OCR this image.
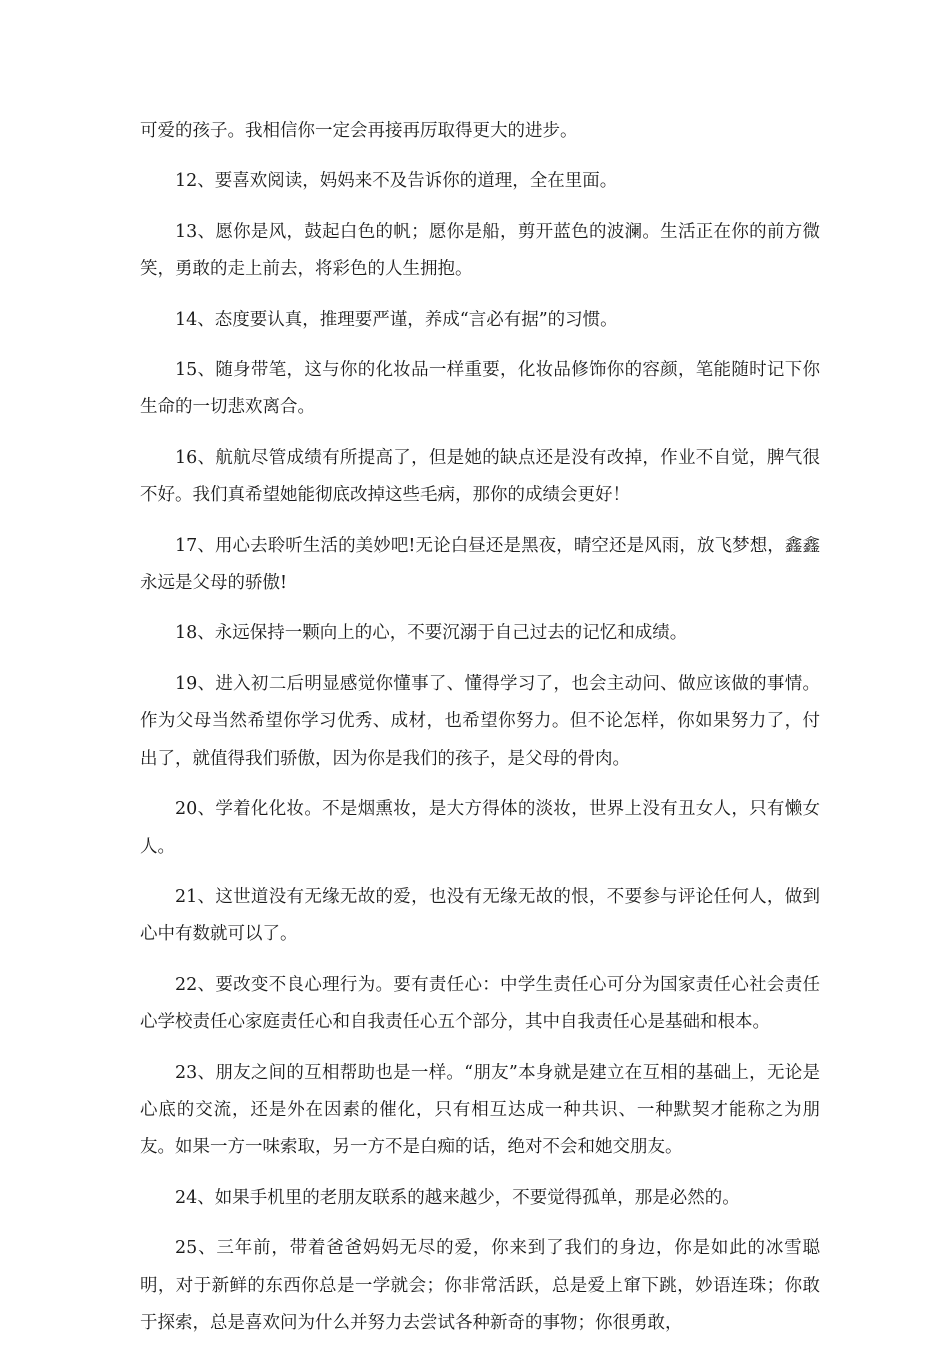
可爱的孩子。我相信你一定会再接再厉取得更大的进步。

12、要喜欢阅读，妈妈来不及告诉你的道理，全在里面。

13、愿你是风，鼓起白色的帆；愿你是船，剪开蓝色的波澜。生活正在你的前方微笑，勇敢的走上前去，将彩色的人生拥抱。

14、态度要认真，推理要严谨，养成“言必有据”的习惯。

15、随身带笔，这与你的化妆品一样重要，化妆品修饰你的容颜，笔能随时记下你生命的一切悲欢离合。

16、航航尽管成绩有所提高了，但是她的缺点还是没有改掉，作业不自觉，脾气很不好。我们真希望她能彻底改掉这些毛病，那你的成绩会更好！

17、用心去聆听生活的美妙吧!无论白昼还是黑夜，晴空还是风雨，放飞梦想，鑫鑫永远是父母的骄傲!

18、永远保持一颗向上的心，不要沉溺于自己过去的记忆和成绩。

19、进入初二后明显感觉你懂事了、懂得学习了，也会主动问、做应该做的事情。作为父母当然希望你学习优秀、成材，也希望你努力。但不论怎样，你如果努力了，付出了，就值得我们骄傲，因为你是我们的孩子，是父母的骨肉。

20、学着化化妆。不是烟熏妆，是大方得体的淡妆，世界上没有丑女人，只有懒女人。

21、这世道没有无缘无故的爱，也没有无缘无故的恨，不要参与评论任何人，做到心中有数就可以了。

22、要改变不良心理行为。要有责任心：中学生责任心可分为国家责任心社会责任心学校责任心家庭责任心和自我责任心五个部分，其中自我责任心是基础和根本。

23、朋友之间的互相帮助也是一样。“朋友”本身就是建立在互相的基础上，无论是心底的交流，还是外在因素的催化，只有相互达成一种共识、一种默契才能称之为朋友。如果一方一味索取，另一方不是白痴的话，绝对不会和她交朋友。

24、如果手机里的老朋友联系的越来越少，不要觉得孤单，那是必然的。

25、三年前，带着爸爸妈妈无尽的爱，你来到了我们的身边，你是如此的冰雪聪明，对于新鲜的东西你总是一学就会；你非常活跃，总是爱上窜下跳，妙语连珠；你敢于探索，总是喜欢问为什么并努力去尝试各种新奇的事物；你很勇敢，
